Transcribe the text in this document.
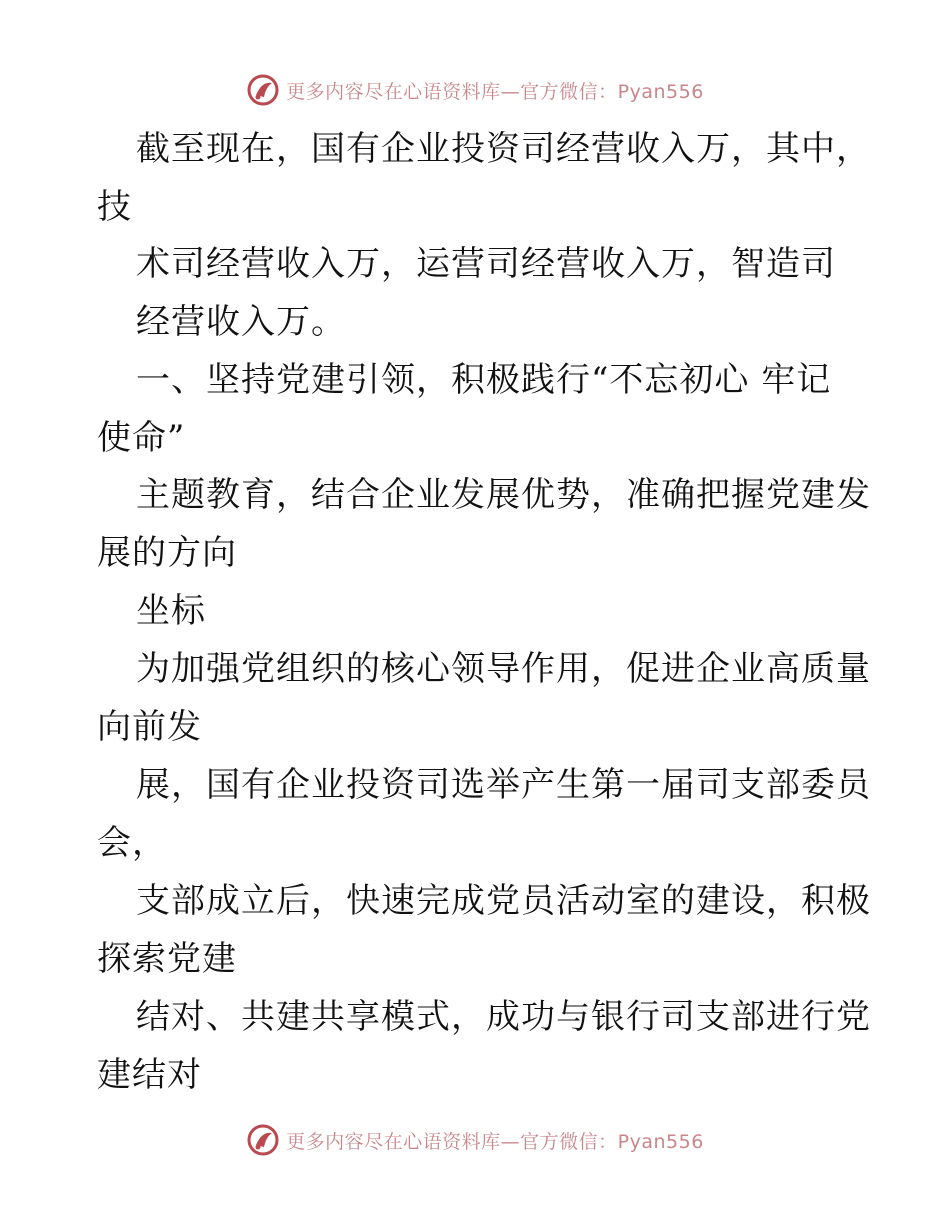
更多内容尽在心语资料库—官方微信：Pyan556
截至现在，国有企业投资司经营收入万，其中，
技
术司经营收入万，运营司经营收入万，智造司
经营收入万。
一、坚持党建引领，积极践行“不忘初心 牢记
使命”
主题教育，结合企业发展优势，准确把握党建发
展的方向
坐标
为加强党组织的核心领导作用，促进企业高质量
向前发
展，国有企业投资司选举产生第一届司支部委员
会，
支部成立后，快速完成党员活动室的建设，积极
探索党建
结对、共建共享模式，成功与银行司支部进行党
建结对
更多内容尽在心语资料库—官方微信：Pyan556
